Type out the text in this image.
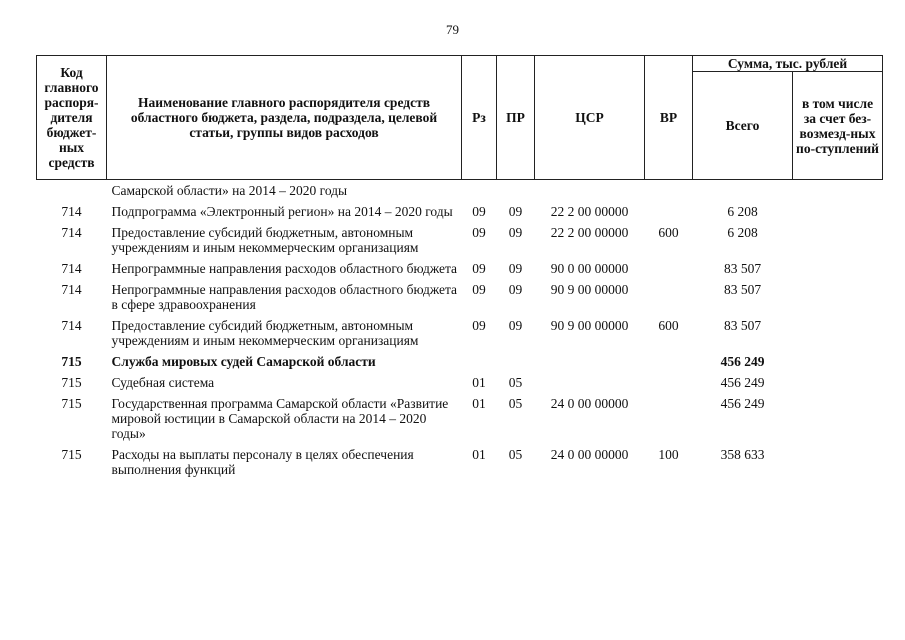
79
Код главного распоря-дителя бюджет-ных средств	Наименование главного распорядителя средств областного бюджета, раздела, подраздела, целевой статьи, группы видов расходов	Рз	ПР	ЦСР	ВР	Сумма, тыс. рублей	
						Всего	в том числе за счет без-возмезд-ных по-ступлений
	Самарской области» на 2014 – 2020 годы						
714	Подпрограмма «Электронный регион» на 2014 – 2020 годы	09	09	22 2 00 00000		6 208	
714	Предоставление субсидий бюджетным, автономным учреждениям и иным некоммерческим организациям	09	09	22 2 00 00000	600	6 208	
714	Непрограммные направления расходов областного бюджета	09	09	90 0 00 00000		83 507	
714	Непрограммные направления расходов областного бюджета в сфере здравоохранения	09	09	90 9 00 00000		83 507	
714	Предоставление субсидий бюджетным, автономным учреждениям и иным некоммерческим организациям	09	09	90 9 00 00000	600	83 507	
715	Служба мировых судей Самарской области					456 249	
715	Судебная система	01	05			456 249	
715	Государственная программа Самарской области «Развитие мировой юстиции в Самарской области на 2014 – 2020 годы»	01	05	24 0 00 00000		456 249	
715	Расходы на выплаты персоналу в целях обеспечения выполнения функций	01	05	24 0 00 00000	100	358 633	
